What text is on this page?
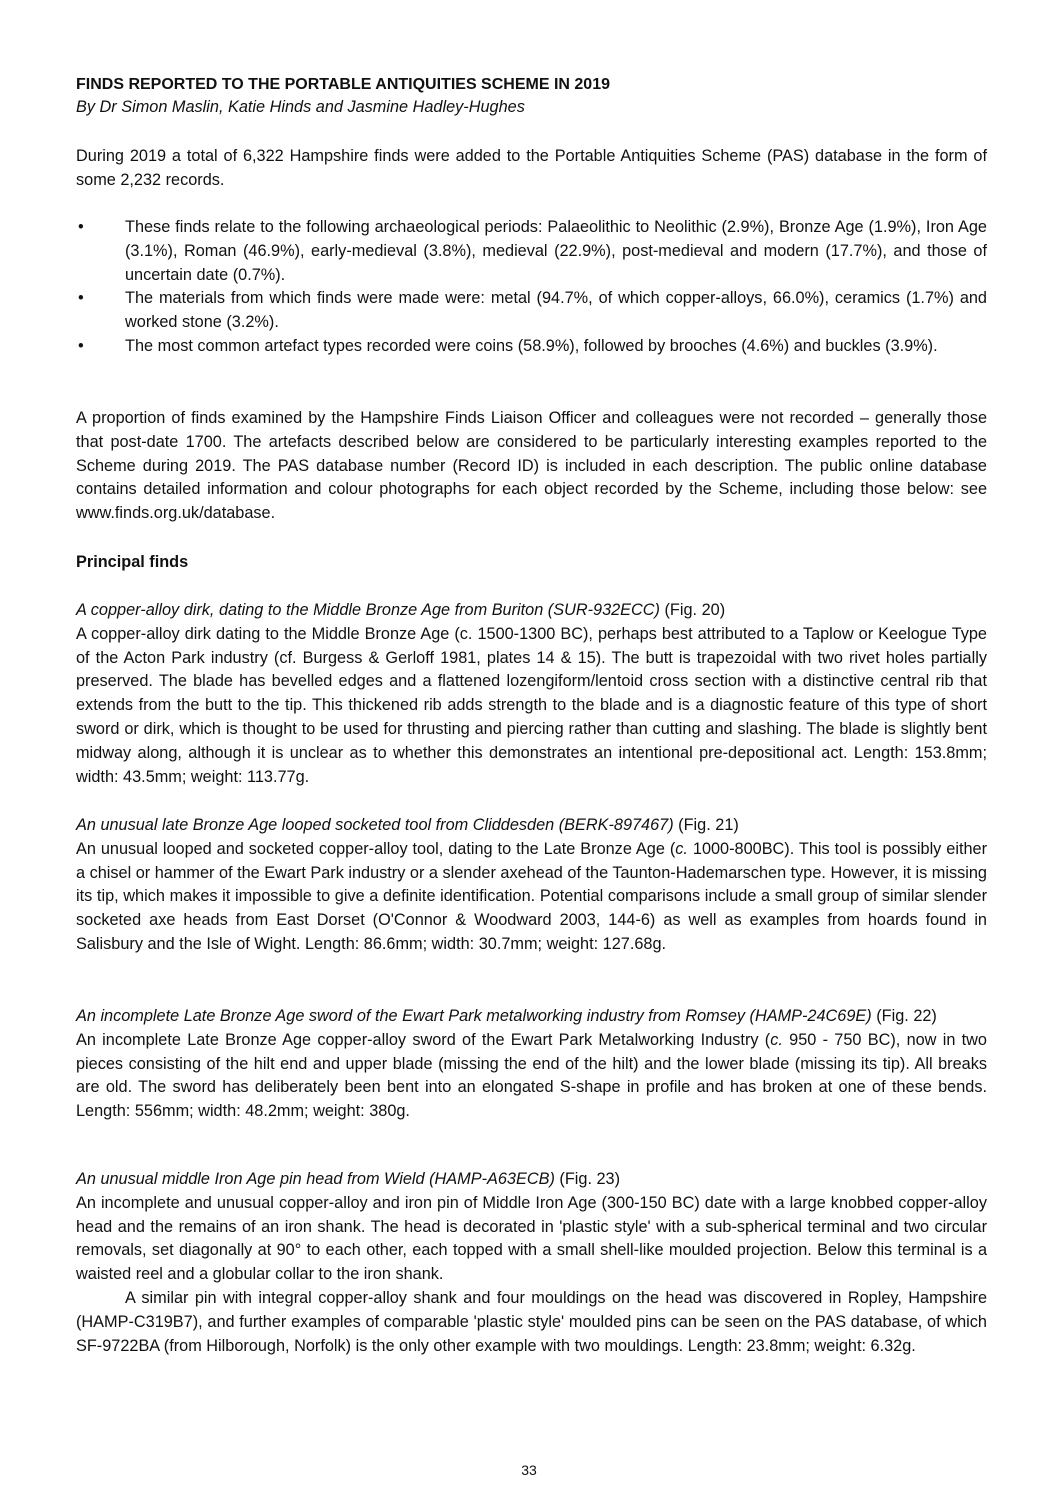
FINDS REPORTED TO THE PORTABLE ANTIQUITIES SCHEME IN 2019
By Dr Simon Maslin, Katie Hinds and Jasmine Hadley-Hughes

During 2019 a total of 6,322 Hampshire finds were added to the Portable Antiquities Scheme (PAS) database in the form of some 2,232 records.

•	These finds relate to the following archaeological periods: Palaeolithic to Neolithic (2.9%), Bronze Age (1.9%), Iron Age (3.1%), Roman (46.9%), early-medieval (3.8%), medieval (22.9%), post-medieval and modern (17.7%), and those of uncertain date (0.7%).
•	The materials from which finds were made were: metal (94.7%, of which copper-alloys, 66.0%), ceramics (1.7%) and worked stone (3.2%).
•	The most common artefact types recorded were coins (58.9%), followed by brooches (4.6%) and buckles (3.9%).

A proportion of finds examined by the Hampshire Finds Liaison Officer and colleagues were not recorded – generally those that post-date 1700. The artefacts described below are considered to be particularly interesting examples reported to the Scheme during 2019. The PAS database number (Record ID) is included in each description. The public online database contains detailed information and colour photographs for each object recorded by the Scheme, including those below: see www.finds.org.uk/database.

Principal finds

A copper-alloy dirk, dating to the Middle Bronze Age from Buriton (SUR-932ECC) (Fig. 20)

A copper-alloy dirk dating to the Middle Bronze Age (c. 1500-1300 BC), perhaps best attributed to a Taplow or Keelogue Type of the Acton Park industry (cf. Burgess & Gerloff 1981, plates 14 & 15). The butt is trapezoidal with two rivet holes partially preserved. The blade has bevelled edges and a flattened lozengiform/lentoid cross section with a distinctive central rib that extends from the butt to the tip. This thickened rib adds strength to the blade and is a diagnostic feature of this type of short sword or dirk, which is thought to be used for thrusting and piercing rather than cutting and slashing. The blade is slightly bent midway along, although it is unclear as to whether this demonstrates an intentional pre-depositional act. Length: 153.8mm; width: 43.5mm; weight: 113.77g.

An unusual late Bronze Age looped socketed tool from Cliddesden (BERK-897467) (Fig. 21)

An unusual looped and socketed copper-alloy tool, dating to the Late Bronze Age (c. 1000-800BC). This tool is possibly either a chisel or hammer of the Ewart Park industry or a slender axehead of the Taunton-Hademarschen type. However, it is missing its tip, which makes it impossible to give a definite identification. Potential comparisons include a small group of similar slender socketed axe heads from East Dorset (O'Connor & Woodward 2003, 144-6) as well as examples from hoards found in Salisbury and the Isle of Wight. Length: 86.6mm; width: 30.7mm; weight: 127.68g.

An incomplete Late Bronze Age sword of the Ewart Park metalworking industry from Romsey (HAMP-24C69E) (Fig. 22)

An incomplete Late Bronze Age copper-alloy sword of the Ewart Park Metalworking Industry (c. 950 - 750 BC), now in two pieces consisting of the hilt end and upper blade (missing the end of the hilt) and the lower blade (missing its tip). All breaks are old. The sword has deliberately been bent into an elongated S-shape in profile and has broken at one of these bends. Length: 556mm; width: 48.2mm; weight: 380g.

An unusual middle Iron Age pin head from Wield (HAMP-A63ECB) (Fig. 23)

An incomplete and unusual copper-alloy and iron pin of Middle Iron Age (300-150 BC) date with a large knobbed copper-alloy head and the remains of an iron shank. The head is decorated in 'plastic style' with a sub-spherical terminal and two circular removals, set diagonally at 90° to each other, each topped with a small shell-like moulded projection. Below this terminal is a waisted reel and a globular collar to the iron shank.

A similar pin with integral copper-alloy shank and four mouldings on the head was discovered in Ropley, Hampshire (HAMP-C319B7), and further examples of comparable 'plastic style' moulded pins can be seen on the PAS database, of which SF-9722BA (from Hilborough, Norfolk) is the only other example with two mouldings. Length: 23.8mm; weight: 6.32g.

33
